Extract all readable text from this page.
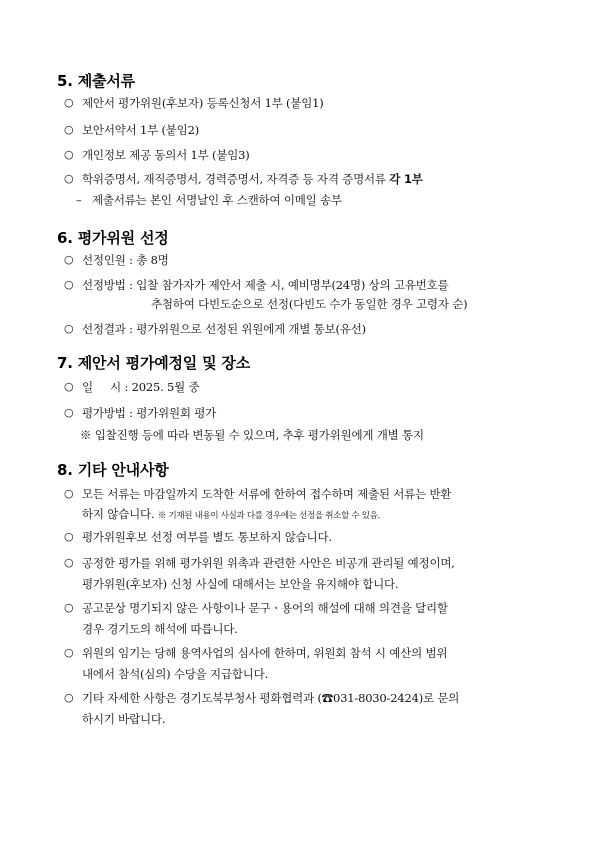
5. 제출서류
○ 제안서 평가위원(후보자) 등록신청서 1부 (붙임1)
○ 보안서약서 1부 (붙임2)
○ 개인정보 제공 동의서 1부 (붙임3)
○ 학위증명서, 재직증명서, 경력증명서, 자격증 등 자격 증명서류 각 1부
– 제출서류는 본인 서명날인 후 스캔하여 이메일 송부
6. 평가위원 선정
○ 선정인원 : 총 8명
○ 선정방법 : 입찰 참가자가 제안서 제출 시, 예비명부(24명) 상의 고유번호를
추첨하여 다빈도순으로 선정(다빈도 수가 동일한 경우 고령자 순)
○ 선정결과 : 평가위원으로 선정된 위원에게 개별 통보(유선)
7. 제안서 평가예정일 및 장소
○ 일     시 : 2025. 5월 중
○ 평가방법 : 평가위원회 평가
※ 입찰진행 등에 따라 변동될 수 있으며, 추후 평가위원에게 개별 통지
8. 기타 안내사항
○ 모든 서류는 마감일까지 도착한 서류에 한하여 접수하며 제출된 서류는 반환
하지 않습니다. ※ 기재된 내용이 사실과 다를 경우에는 선정을 취소할 수 있음.
○ 평가위원후보 선정 여부를 별도 통보하지 않습니다.
○ 공정한 평가를 위해 평가위원 위촉과 관련한 사안은 비공개 관리될 예정이며,
평가위원(후보자) 신청 사실에 대해서는 보안을 유지해야 합니다.
○ 공고문상 명기되지 않은 사항이나 문구ㆍ용어의 해설에 대해 의견을 달리할
경우 경기도의 해석에 따릅니다.
○ 위원의 임기는 당해 용역사업의 심사에 한하며, 위원회 참석 시 예산의 범위
내에서 참석(심의) 수당을 지급합니다.
○ 기타 자세한 사항은 경기도북부청사 평화협력과 (☎031-8030-2424)로 문의
하시기 바랍니다.
